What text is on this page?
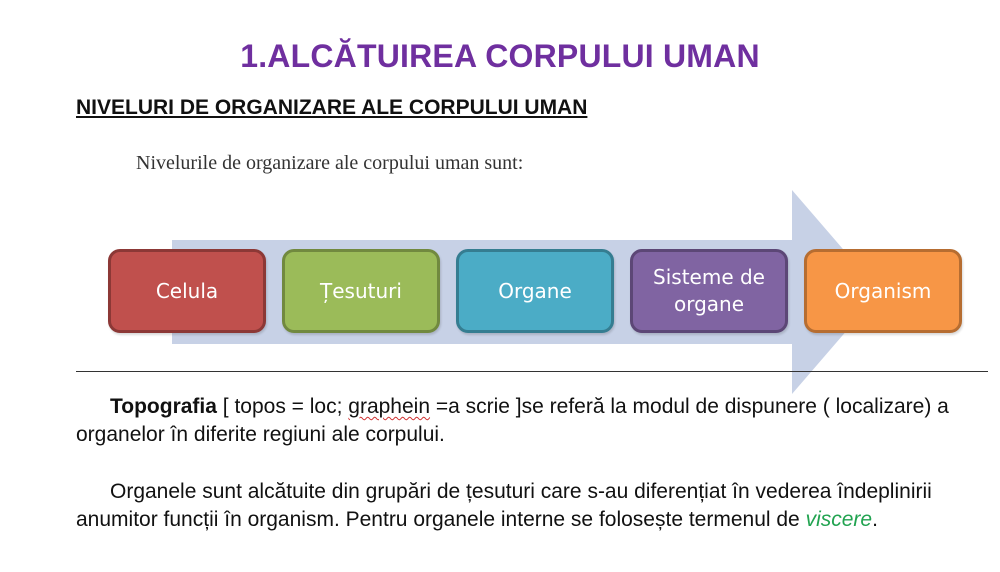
1.ALCĂTUIREA CORPULUI UMAN
NIVELURI DE ORGANIZARE ALE CORPULUI UMAN
Nivelurile de organizare ale corpului uman sunt:
Celula	Țesuturi	Organe
Sisteme de organe
Organism
Topografia [ topos = loc; graphein =a scrie ]se referă la modul de dispunere ( localizare) a organelor în diferite regiuni ale corpului.
Organele sunt alcătuite din grupări de țesuturi care s-au diferențiat în vederea îndeplinirii anumitor funcții în organism. Pentru organele interne se folosește termenul de viscere.
